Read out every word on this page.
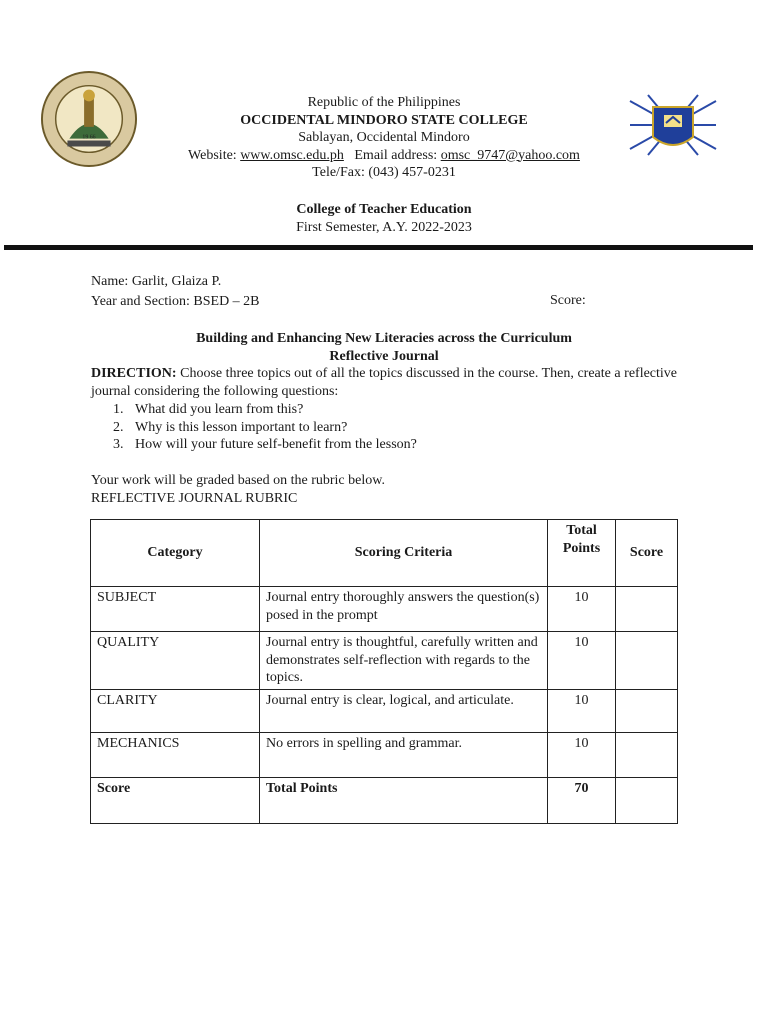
19 66
Republic of the Philippines
OCCIDENTAL MINDORO STATE COLLEGE
Sablayan, Occidental Mindoro
Website: www.omsc.edu.ph Email address: omsc_9747@yahoo.com
Tele/Fax: (043) 457-0231
College of Teacher Education
First Semester, A.Y. 2022-2023
Name: Garlit, Glaiza P.
Year and Section: BSED – 2B	Score:
Building and Enhancing New Literacies across the Curriculum
Reflective Journal
DIRECTION: Choose three topics out of all the topics discussed in the course. Then, create a reflective journal considering the following questions:
1. What did you learn from this?
2. Why is this lesson important to learn?
3. How will your future self-benefit from the lesson?
Your work will be graded based on the rubric below.
REFLECTIVE JOURNAL RUBRIC
Category	Scoring Criteria	Total Points	Score
SUBJECT	Journal entry thoroughly answers the question(s) posed in the prompt	10	
QUALITY	Journal entry is thoughtful, carefully written and demonstrates self-reflection with regards to the topics.	10	
CLARITY	Journal entry is clear, logical, and articulate.	10	
MECHANICS	No errors in spelling and grammar.	10	
Score	Total Points	70	
